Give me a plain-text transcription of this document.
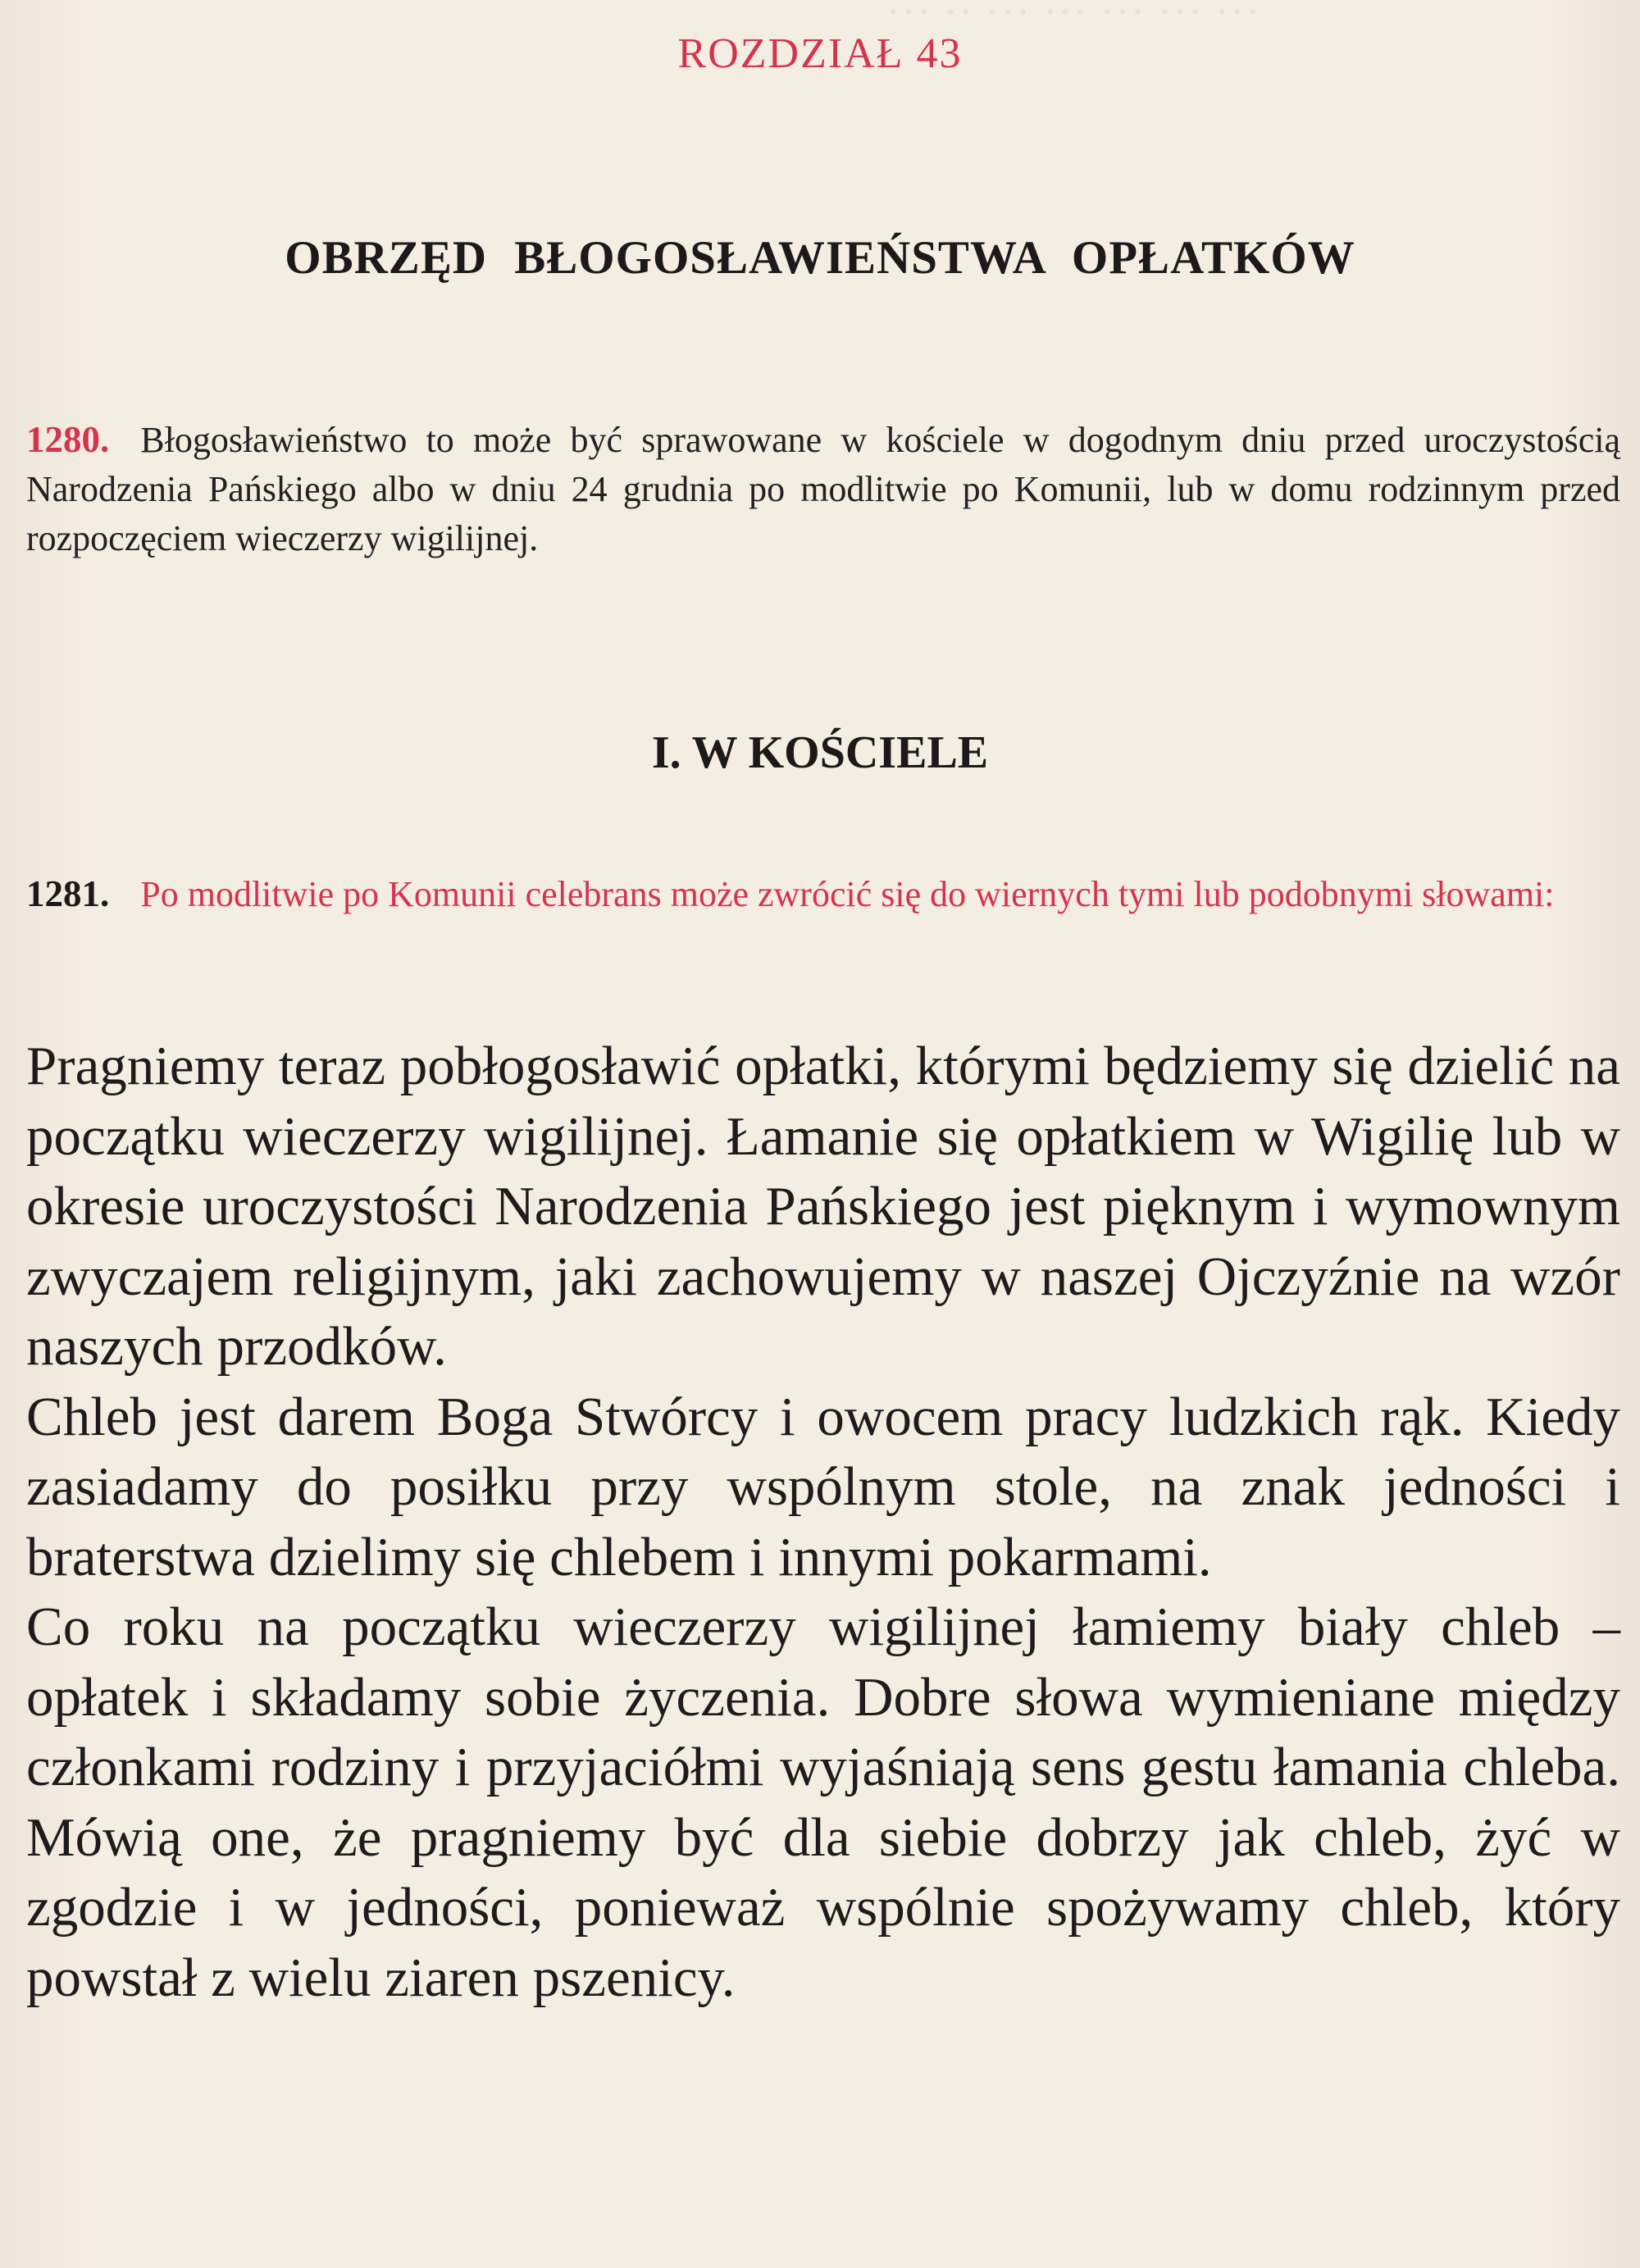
··· ·· ··· ··· ··· ··· ···
ROZDZIAŁ 43
OBRZĘD BŁOGOSŁAWIEŃSTWA OPŁATKÓW
1280. Błogosławieństwo to może być sprawowane w kościele w dogodnym dniu przed uroczystością Narodzenia Pańskiego albo w dniu 24 grudnia po modlitwie po Komunii, lub w domu rodzinnym przed rozpoczęciem wieczerzy wigilijnej.
I. W KOŚCIELE
1281. Po modlitwie po Komunii celebrans może zwrócić się do wiernych tymi lub podobnymi słowami:

Pragniemy teraz pobłogosławić opłatki, którymi będziemy się dzielić na początku wieczerzy wigilijnej. Łamanie się opłatkiem w Wigilię lub w okresie uroczystości Narodzenia Pańskiego jest pięknym i wymownym zwyczajem religijnym, jaki zachowujemy w naszej Ojczyźnie na wzór naszych przodków.

Chleb jest darem Boga Stwórcy i owocem pracy ludzkich rąk. Kiedy zasiadamy do posiłku przy wspólnym stole, na znak jedności i braterstwa dzielimy się chlebem i innymi pokarmami.

Co roku na początku wieczerzy wigilijnej łamiemy biały chleb – opłatek i składamy sobie życzenia. Dobre słowa wymieniane między członkami rodziny i przyjaciółmi wyjaśniają sens gestu łamania chleba. Mówią one, że pragniemy być dla siebie dobrzy jak chleb, żyć w zgodzie i w jedności, ponieważ wspólnie spożywamy chleb, który powstał z wielu ziaren pszenicy.
